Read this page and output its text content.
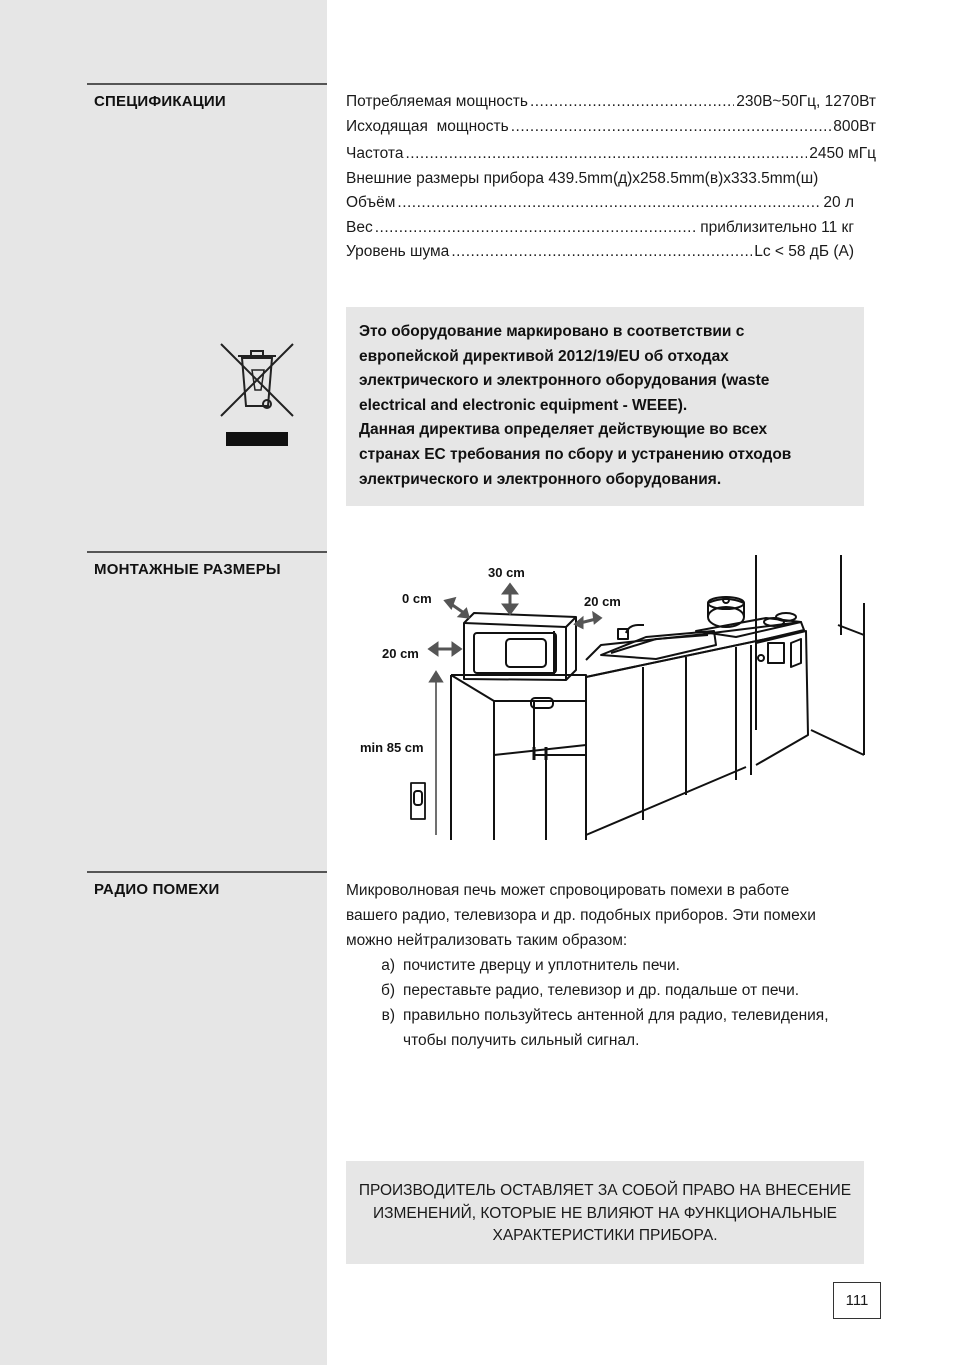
СПЕЦИФИКАЦИИ	Потребляемая мощность .....	230В~50Гц, 1270Вт
Исходящая  мощность .....	800Вт
Частота .....	2450 мГц
Внешние размеры прибора 439.5mm(д)x258.5mm(в)x333.5mm(ш)
Объём .....	20 л
Вес .....	приблизительно 11 кг
Уровень шума .....	Lc < 58 дБ (A)
Это оборудование маркировано в соответствии с
европейской директивой 2012/19/EU об отходах
электрического и электронного оборудования (waste
electrical and electronic equipment - WEEE).
Данная директива определяет действующие во всех
странах ЕС требования по сбору и устранению отходов
электрического и электронного оборудования.
МОНТАЖНЫЕ РАЗМЕРЫ	30 cm
0 cm	20 cm
20 cm
min 85 cm
РАДИО ПОМЕХИ	Микроволновая печь может спровоцировать помехи в работе
вашего радио, телевизора и др. подобных приборов. Эти помехи
можно нейтрализовать таким образом:
а) почистите дверцу и уплотнитель печи.
б) переставьте радио, телевизор и др. подальше от печи.
в) правильно пользуйтесь антенной для радио, телевидения,
чтобы получить сильный сигнал.
ПРОИЗВОДИТЕЛЬ ОСТАВЛЯЕТ ЗА СОБОЙ ПРАВО НА ВНЕСЕНИЕ
ИЗМЕНЕНИЙ, КОТОРЫЕ НЕ ВЛИЯЮТ НА ФУНКЦИОНАЛЬНЫЕ
ХАРАКТЕРИСТИКИ ПРИБОРА.
111
